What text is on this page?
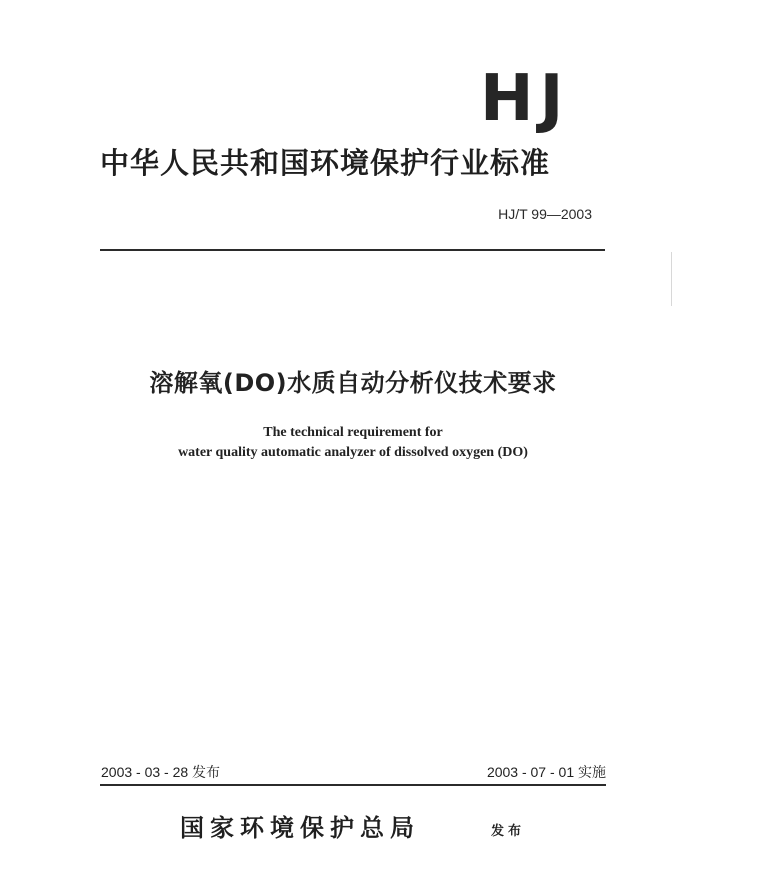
HJ
中华人民共和国环境保护行业标准
HJ/T 99—2003
溶解氧(DO)水质自动分析仪技术要求
The technical requirement for
water quality automatic analyzer of dissolved oxygen (DO)
2003 - 03 - 28 发布	2003 - 07 - 01 实施
国家环境保护总局	发布
